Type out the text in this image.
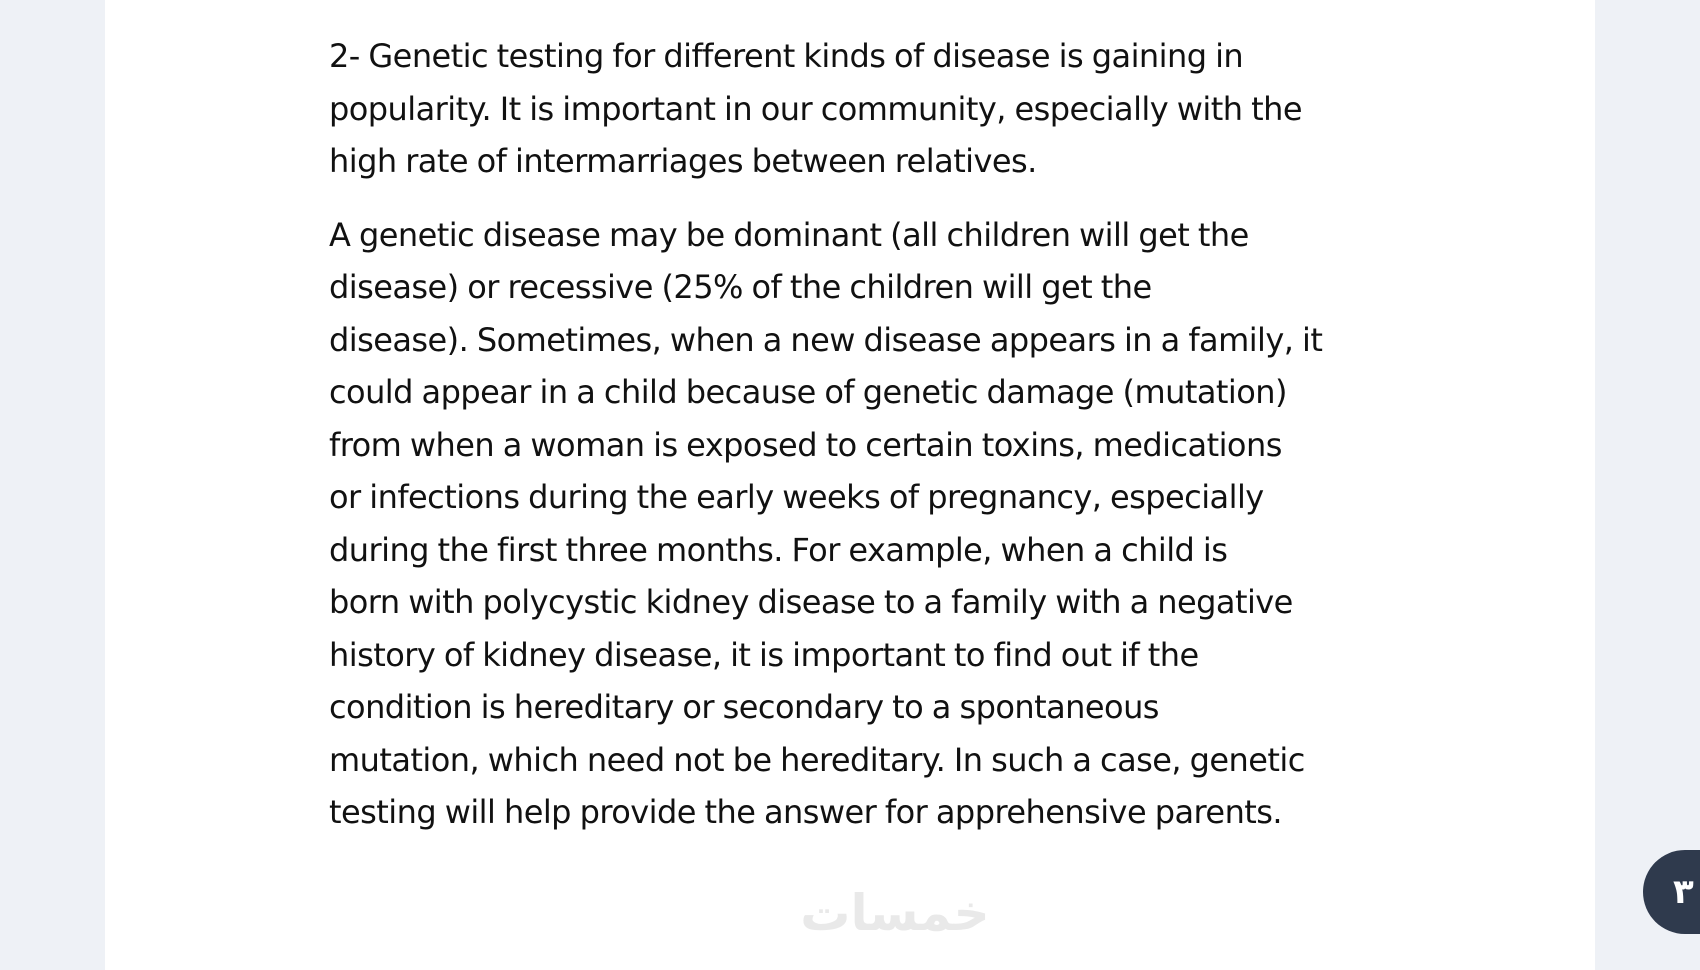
2- Genetic testing for different kinds of disease is gaining in
popularity. It is important in our community, especially with the
high rate of intermarriages between relatives.

A genetic disease may be dominant (all children will get the
disease) or recessive (25% of the children will get the
disease). Sometimes, when a new disease appears in a family, it
could appear in a child because of genetic damage (mutation)
from when a woman is exposed to certain toxins, medications
or infections during the early weeks of pregnancy, especially
during the first three months. For example, when a child is
born with polycystic kidney disease to a family with a negative
history of kidney disease, it is important to find out if the
condition is hereditary or secondary to a spontaneous
mutation, which need not be hereditary. In such a case, genetic
testing will help provide the answer for apprehensive parents.

خمسات	٣
